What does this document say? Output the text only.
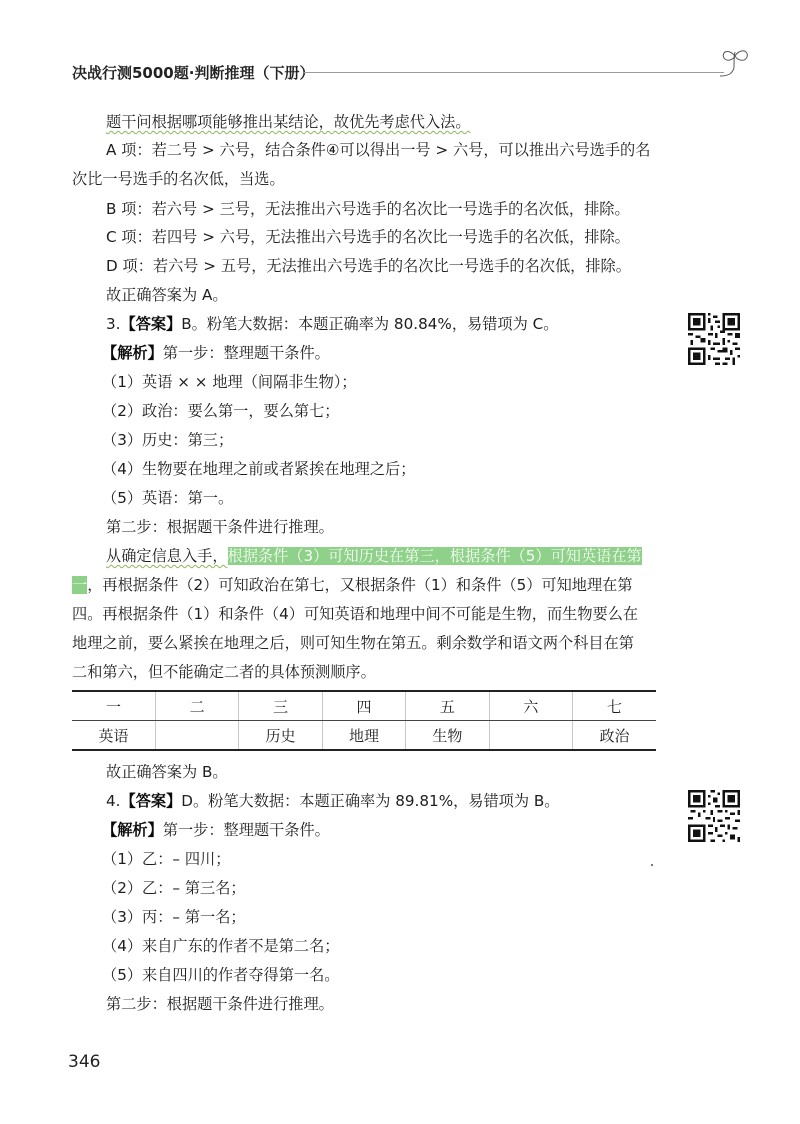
决战行测5000题·判断推理（下册）
题干问根据哪项能够推出某结论，故优先考虑代入法。
A 项：若二号 > 六号，结合条件④可以得出一号 > 六号，可以推出六号选手的名
次比一号选手的名次低，当选。
B 项：若六号 > 三号，无法推出六号选手的名次比一号选手的名次低，排除。
C 项：若四号 > 六号，无法推出六号选手的名次比一号选手的名次低，排除。
D 项：若六号 > 五号，无法推出六号选手的名次比一号选手的名次低，排除。
故正确答案为 A。
3.【答案】B。粉笔大数据：本题正确率为 80.84%，易错项为 C。
【解析】第一步：整理题干条件。
（1）英语 × × 地理（间隔非生物）；
（2）政治：要么第一，要么第七；
（3）历史：第三；
（4）生物要在地理之前或者紧挨在地理之后；
（5）英语：第一。
第二步：根据题干条件进行推理。
从确定信息入手，根据条件（3）可知历史在第三，根据条件（5）可知英语在第
一，再根据条件（2）可知政治在第七，又根据条件（1）和条件（5）可知地理在第
四。再根据条件（1）和条件（4）可知英语和地理中间不可能是生物，而生物要么在
地理之前，要么紧挨在地理之后，则可知生物在第五。剩余数学和语文两个科目在第
二和第六，但不能确定二者的具体预测顺序。
一	二	三	四	五	六	七
英语		历史	地理	生物		政治
故正确答案为 B。
4.【答案】D。粉笔大数据：本题正确率为 89.81%，易错项为 B。
【解析】第一步：整理题干条件。
（1）乙：– 四川；
（2）乙：– 第三名；
（3）丙：– 第一名；
（4）来自广东的作者不是第二名；
（5）来自四川的作者夺得第一名。
第二步：根据题干条件进行推理。
346
